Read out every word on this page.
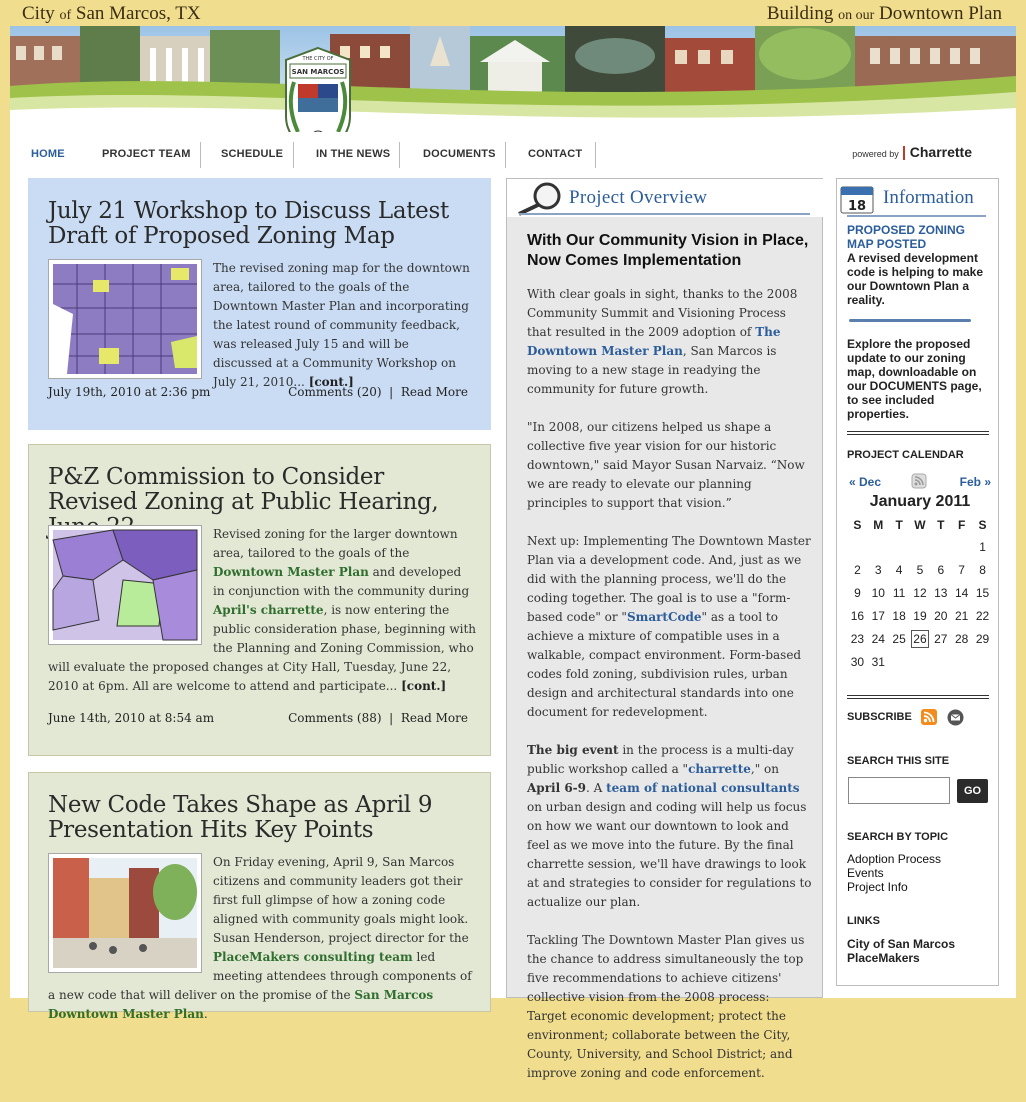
City of San Marcos, TX	Building on our Downtown Plan
THE CITY OF
SAN MARCOS
HOME	PROJECT TEAM	SCHEDULE	IN THE NEWS	DOCUMENTS	CONTACT	powered by Charrette
July 21 Workshop to Discuss Latest Draft of Proposed Zoning Map
The revised zoning map for the downtown area, tailored to the goals of the Downtown Master Plan and incorporating the latest round of community feedback, was released July 15 and will be discussed at a Community Workshop on July 21, 2010... [cont.]
July 19th, 2010 at 2:36 pm	Comments (20)  |  Read More
P&Z Commission to Consider Revised Zoning at Public Hearing,
Revised zoning for the larger downtown area, tailored to the goals of the Downtown Master Plan and developed in conjunction with the community during April's charrette, is now entering the public consideration phase, beginning with the Planning and Zoning Commission, who will evaluate the proposed changes at City Hall, Tuesday, June 22, 2010 at 6pm. All are welcome to attend and participate... [cont.]
June 14th, 2010 at 8:54 am	Comments (88)  |  Read More
New Code Takes Shape as April 9 Presentation Hits Key Points
On Friday evening, April 9, San Marcos citizens and community leaders got their first full glimpse of how a zoning code aligned with community goals might look. Susan Henderson, project director for the PlaceMakers consulting team led meeting attendees through components of a new code that will deliver on the promise of the San Marcos Downtown Master Plan.
Project Overview
With Our Community Vision in Place, Now Comes Implementation

With clear goals in sight, thanks to the 2008 Community Summit and Visioning Process that resulted in the 2009 adoption of The Downtown Master Plan, San Marcos is moving to a new stage in readying the community for future growth.

"In 2008, our citizens helped us shape a collective five year vision for our historic downtown," said Mayor Susan Narvaiz. “Now we are ready to elevate our planning principles to support that vision.”

Next up: Implementing The Downtown Master Plan via a development code. And, just as we did with the planning process, we'll do the coding together. The goal is to use a "form-based code" or "SmartCode" as a tool to achieve a mixture of compatible uses in a walkable, compact environment. Form-based codes fold zoning, subdivision rules, urban design and architectural standards into one document for redevelopment.

The big event in the process is a multi-day public workshop called a "charrette," on April 6-9. A team of national consultants on urban design and coding will help us focus on how we want our downtown to look and feel as we move into the future. By the final charrette session, we'll have drawings to look at and strategies to consider for regulations to actualize our plan.

Tackling The Downtown Master Plan gives us the chance to address simultaneously the top five recommendations to achieve citizens' collective vision from the 2008 process: Target economic development; protect the environment; collaborate between the City, County, University, and School District; and improve zoning and code enforcement.

18 Information
PROPOSED ZONING MAP POSTED
A revised development code is helping to make our Downtown Plan a reality.
Explore the proposed update to our zoning map, downloadable on our DOCUMENTS page, to see included properties.
PROJECT CALENDAR
« Dec	Feb »
January 2011
S	M	T	W	T	F	S
						1
2	3	4	5	6	7	8
9	10	11	12	13	14	15
16	17	18	19	20	21	22
23	24	25	26	27	28	29
30	31					
SUBSCRIBE
SEARCH THIS SITE
GO
SEARCH BY TOPIC
Adoption Process
Events
Project Info
LINKS
City of San Marcos
PlaceMakers
